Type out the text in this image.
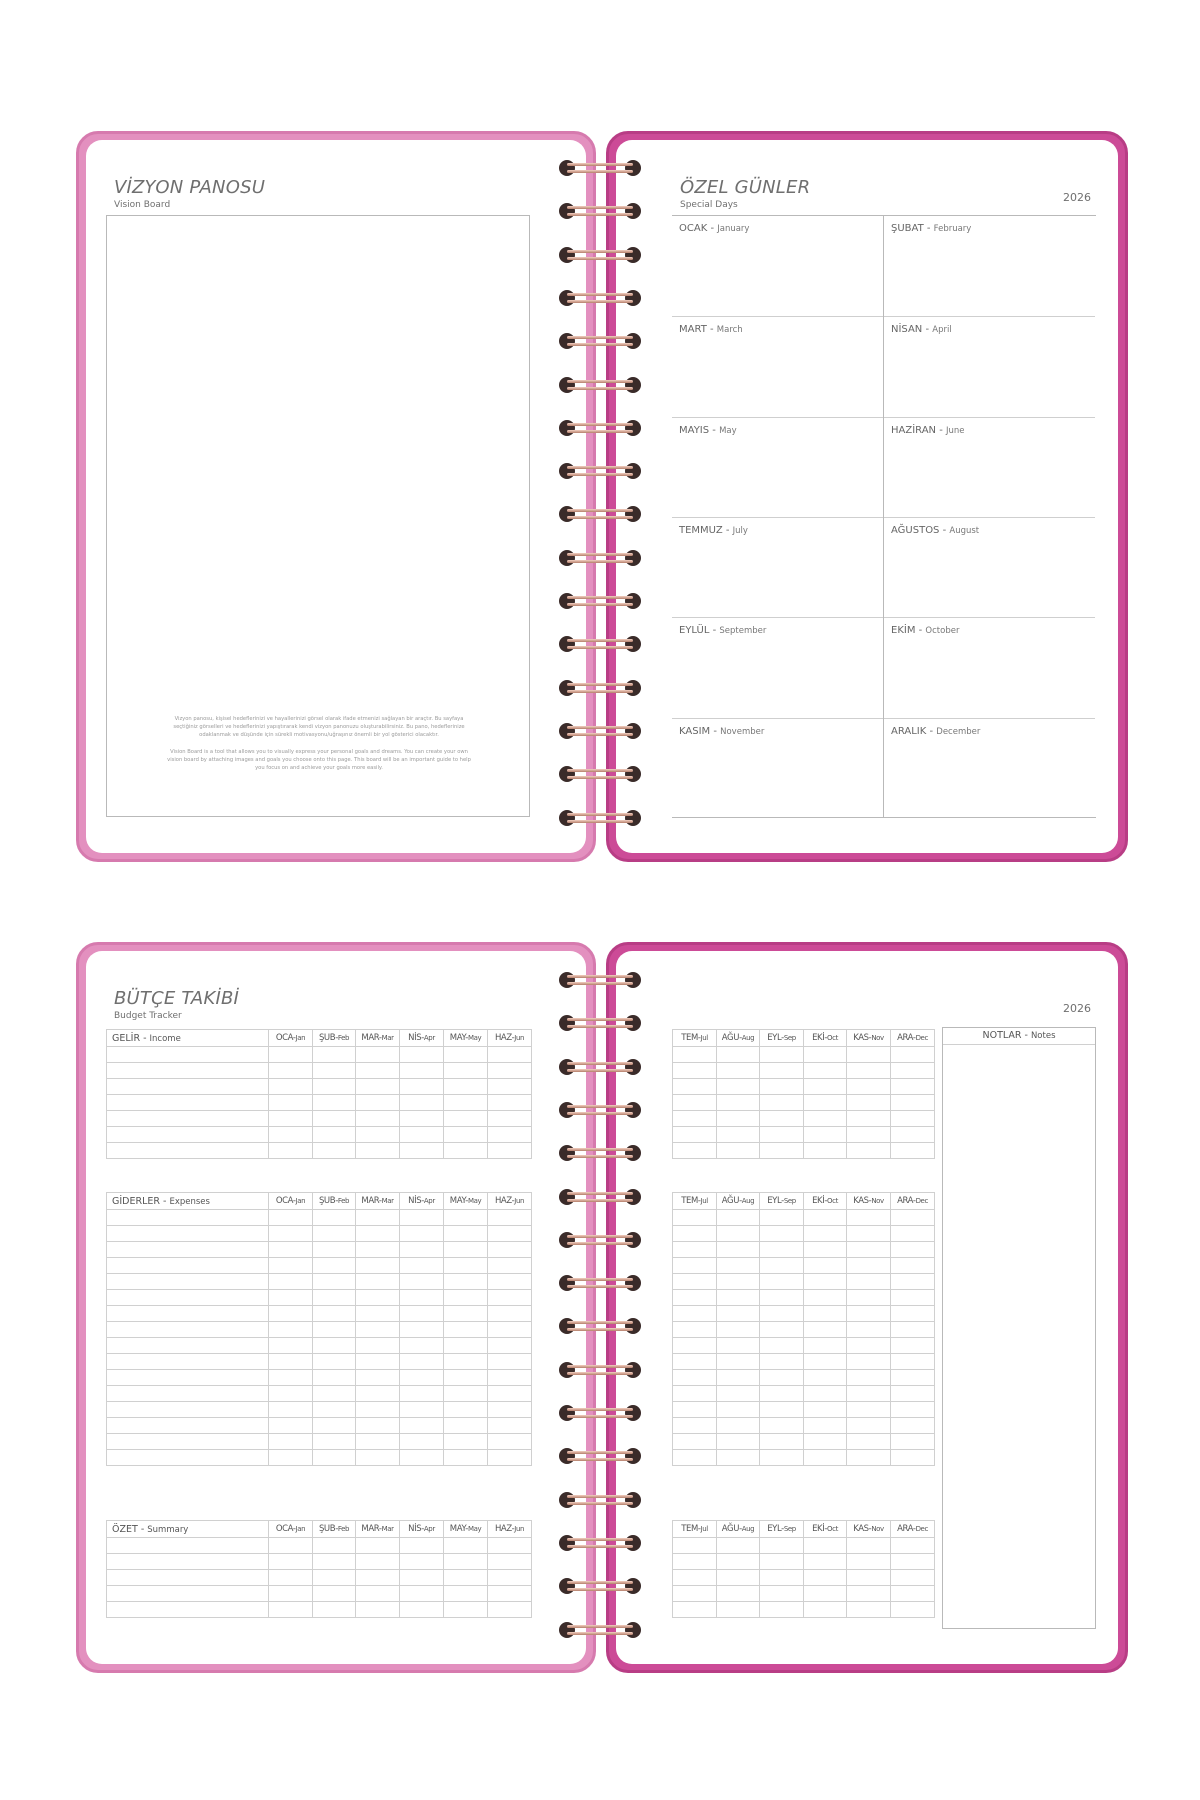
VİZYON PANOSU
Vision Board

Vizyon panosu, kişisel hedeflerinizi ve hayallerinizi görsel olarak ifade etmenizi sağlayan bir araçtır. Bu sayfaya seçtiğiniz görselleri ve hedeflerinizi yapıştırarak kendi vizyon panonuzu oluşturabilirsiniz. Bu pano, hedeflerinize odaklanmak ve düşünde için sürekli motivasyonu/uğraşınız önemli bir yol gösterici olacaktır.

Vision Board is a tool that allows you to visually express your personal goals and dreams. You can create your own vision board by attaching images and goals you choose onto this page. This board will be an important guide to help you focus on and achieve your goals more easily.

ÖZEL GÜNLER
Special Days
2026
OCAK - January	ŞUBAT - February
MART - March	NİSAN - April
MAYIS - May	HAZİRAN - June
TEMMUZ - July	AĞUSTOS - August
EYLÜL - September	EKİM - October
KASIM - November	ARALIK - December
BÜTÇE TAKİBİ
Budget Tracker
2026
NOTLAR - Notes
GELİR - Income	OCA-Jan	ŞUB-Feb	MAR-Mar	NİS-Apr	MAY-May	HAZ-Jun

							TEM-Jul	AĞU-Aug	EYL-Sep	EKİ-Oct	KAS-Nov	ARA-Dec

GİDERLER - Expenses	OCA-Jan	ŞUB-Feb	MAR-Mar	NİS-Apr	MAY-May	HAZ-Jun

							TEM-Jul	AĞU-Aug	EYL-Sep	EKİ-Oct	KAS-Nov	ARA-Dec

ÖZET - Summary	OCA-Jan	ŞUB-Feb	MAR-Mar	NİS-Apr	MAY-May	HAZ-Jun

							TEM-Jul	AĞU-Aug	EYL-Sep	EKİ-Oct	KAS-Nov	ARA-Dec
